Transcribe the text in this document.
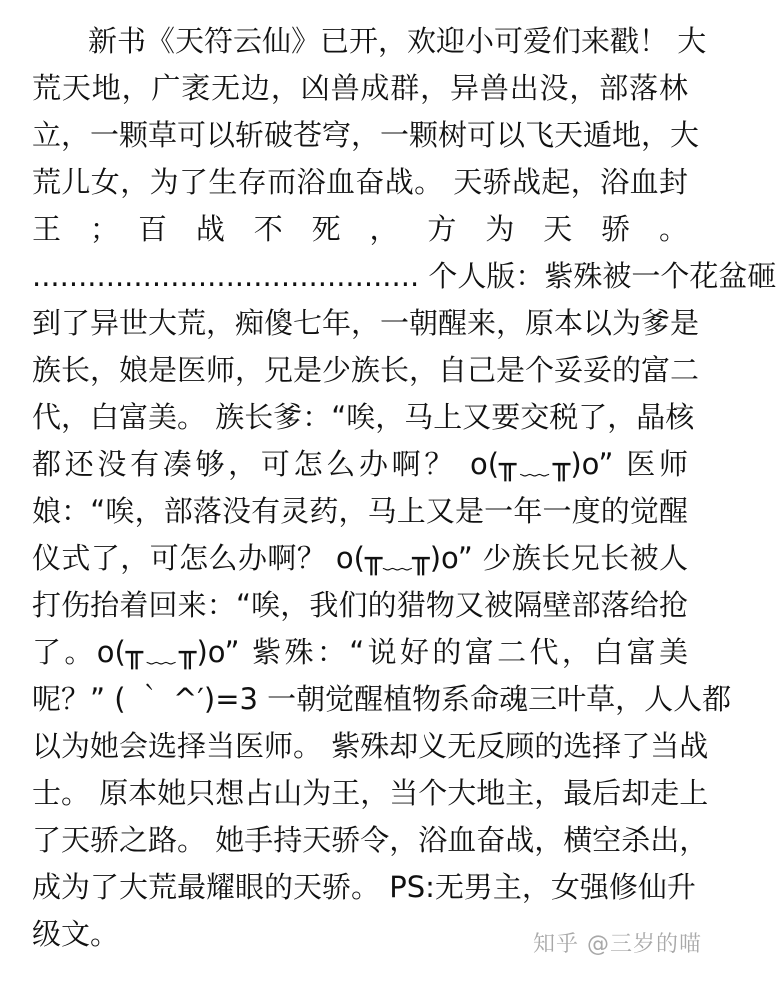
新书《天符云仙》已开，欢迎小可爱们来戳！ 大
荒天地，广袤无边，凶兽成群，异兽出没，部落林
立，一颗草可以斩破苍穹，一颗树可以飞天遁地，大
荒儿女，为了生存而浴血奋战。 天骄战起，浴血封
王 ； 百 战 不 死 ， 方 为 天 骄 。
.......................................... 个人版：紫殊被一个花盆砸
到了异世大荒，痴傻七年，一朝醒来，原本以为爹是
族长，娘是医师，兄是少族长，自己是个妥妥的富二
代，白富美。 族长爹：“唉，马上又要交税了，晶核
都还没有凑够，可怎么办啊？ o(╥﹏╥)o” 医师
娘：“唉，部落没有灵药，马上又是一年一度的觉醒
仪式了，可怎么办啊？ o(╥﹏╥)o” 少族长兄长被人
打伤抬着回来：“唉，我们的猎物又被隔壁部落给抢
了。o(╥﹏╥)o” 紫殊：“说好的富二代，白富美
呢？” ( ｀ ^′)=3 一朝觉醒植物系命魂三叶草，人人都
以为她会选择当医师。 紫殊却义无反顾的选择了当战
士。 原本她只想占山为王，当个大地主，最后却走上
了天骄之路。 她手持天骄令，浴血奋战，横空杀出，
成为了大荒最耀眼的天骄。 PS:无男主，女强修仙升
级文。	知乎 @三岁的喵
